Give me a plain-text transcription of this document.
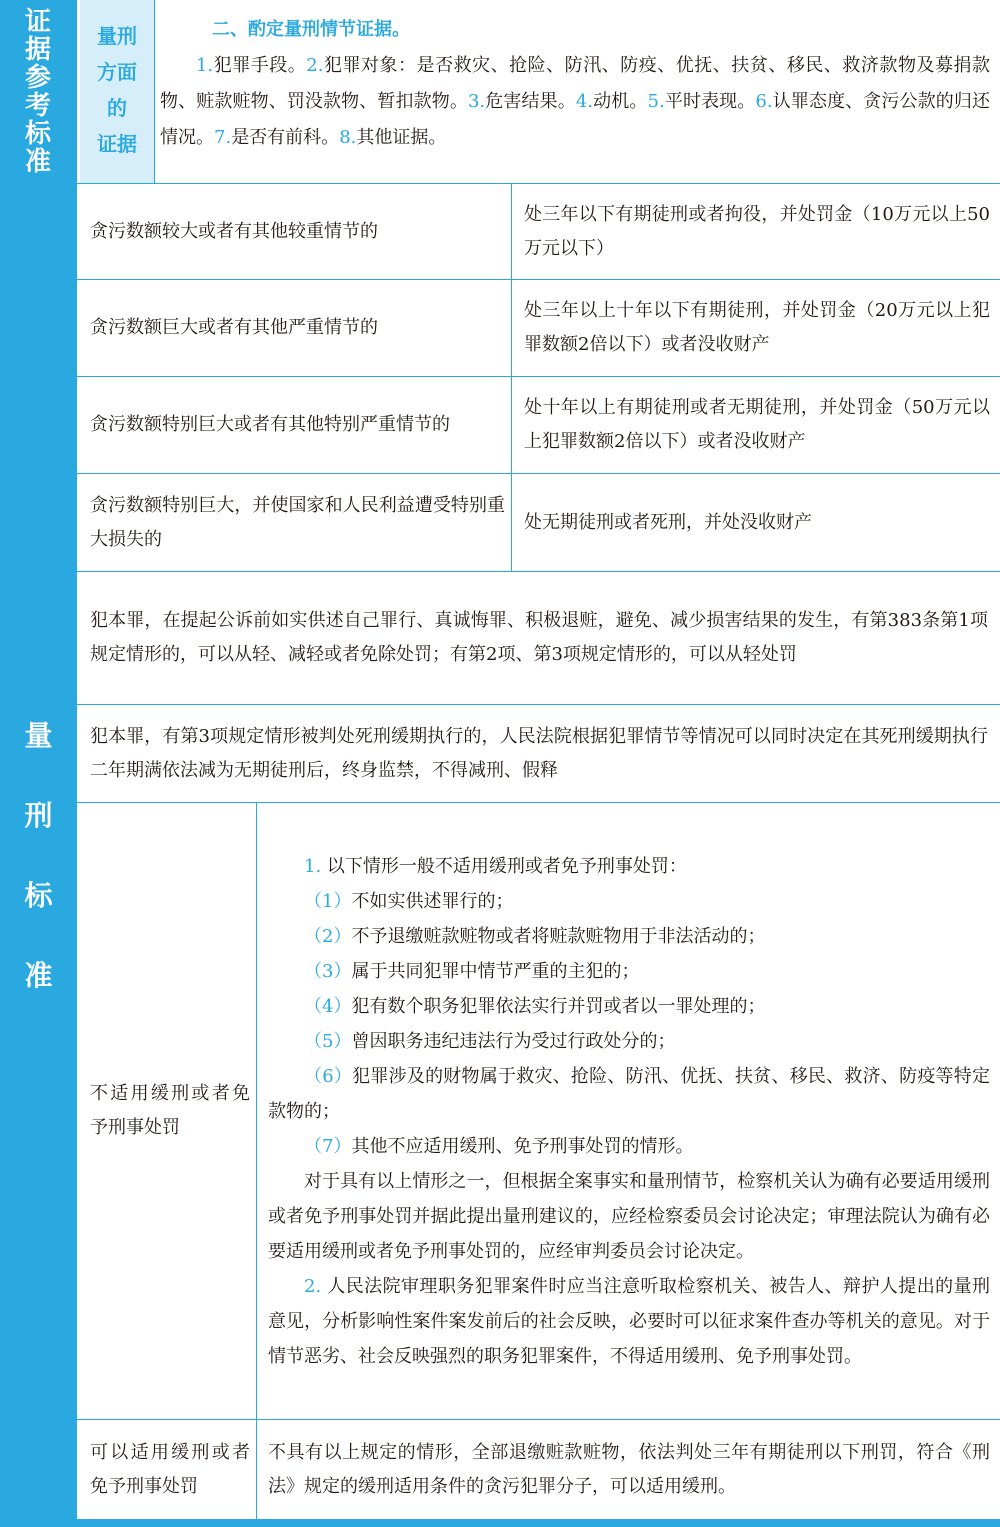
证
据
参
考
标
准
量
刑
标
准
量刑
方面
的
证据
二、酌定量刑情节证据。
1.犯罪手段。2.犯罪对象：是否救灾、抢险、防汛、防疫、优抚、扶贫、移民、救济款物及募捐款物、赃款赃物、罚没款物、暂扣款物。3.危害结果。4.动机。5.平时表现。6.认罪态度、贪污公款的归还情况。7.是否有前科。8.其他证据。
贪污数额较大或者有其他较重情节的
处三年以下有期徒刑或者拘役，并处罚金（10万元以上50万元以下）
贪污数额巨大或者有其他严重情节的
处三年以上十年以下有期徒刑，并处罚金（20万元以上犯罪数额2倍以下）或者没收财产
贪污数额特别巨大或者有其他特别严重情节的
处十年以上有期徒刑或者无期徒刑，并处罚金（50万元以上犯罪数额2倍以下）或者没收财产
贪污数额特别巨大，并使国家和人民利益遭受特别重大损失的
处无期徒刑或者死刑，并处没收财产
犯本罪，在提起公诉前如实供述自己罪行、真诚悔罪、积极退赃，避免、减少损害结果的发生，有第383条第1项规定情形的，可以从轻、减轻或者免除处罚；有第2项、第3项规定情形的，可以从轻处罚
犯本罪，有第3项规定情形被判处死刑缓期执行的，人民法院根据犯罪情节等情况可以同时决定在其死刑缓期执行二年期满依法减为无期徒刑后，终身监禁，不得减刑、假释
不适用缓刑或者免予刑事处罚
1. 以下情形一般不适用缓刑或者免予刑事处罚：
（1）不如实供述罪行的；
（2）不予退缴赃款赃物或者将赃款赃物用于非法活动的；
（3）属于共同犯罪中情节严重的主犯的；
（4）犯有数个职务犯罪依法实行并罚或者以一罪处理的；
（5）曾因职务违纪违法行为受过行政处分的；
（6）犯罪涉及的财物属于救灾、抢险、防汛、优抚、扶贫、移民、救济、防疫等特定款物的；
（7）其他不应适用缓刑、免予刑事处罚的情形。
对于具有以上情形之一，但根据全案事实和量刑情节，检察机关认为确有必要适用缓刑或者免予刑事处罚并据此提出量刑建议的，应经检察委员会讨论决定；审理法院认为确有必要适用缓刑或者免予刑事处罚的，应经审判委员会讨论决定。
2. 人民法院审理职务犯罪案件时应当注意听取检察机关、被告人、辩护人提出的量刑意见，分析影响性案件案发前后的社会反映，必要时可以征求案件查办等机关的意见。对于情节恶劣、社会反映强烈的职务犯罪案件，不得适用缓刑、免予刑事处罚。
可以适用缓刑或者免予刑事处罚
不具有以上规定的情形，全部退缴赃款赃物，依法判处三年有期徒刑以下刑罚，符合《刑法》规定的缓刑适用条件的贪污犯罪分子，可以适用缓刑。
